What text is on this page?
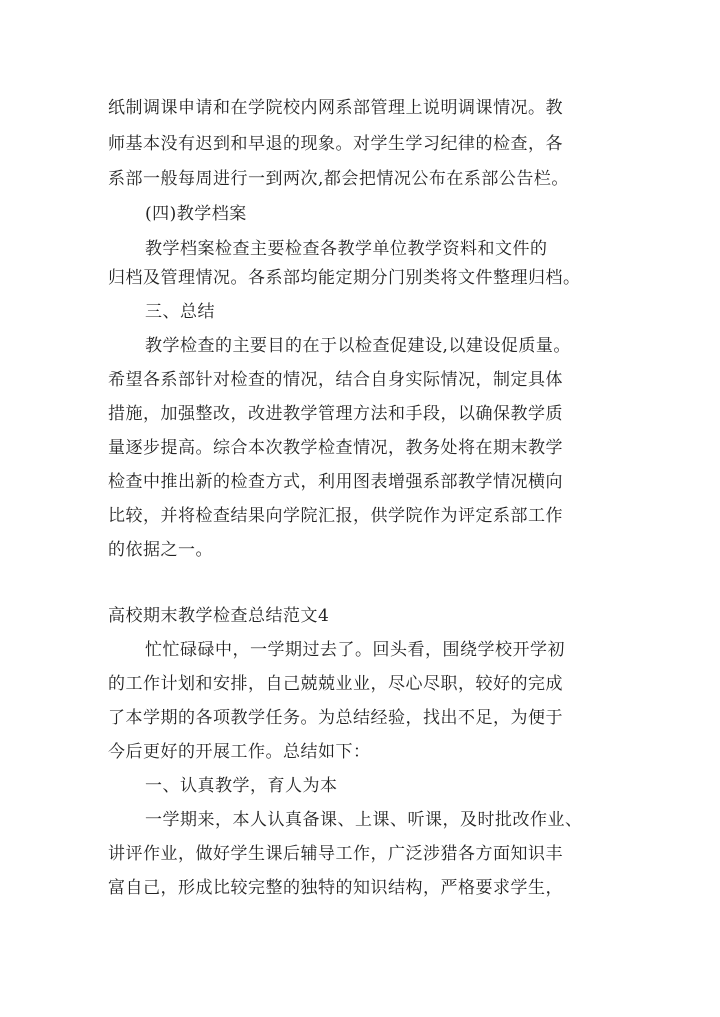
纸制调课申请和在学院校内网系部管理上说明调课情况。教
师基本没有迟到和早退的现象。对学生学习纪律的检查，各
系部一般每周进行一到两次,都会把情况公布在系部公告栏。
(四)教学档案
教学档案检查主要检查各教学单位教学资料和文件的
归档及管理情况。各系部均能定期分门别类将文件整理归档。
三、总结
教学检查的主要目的在于以检查促建设,以建设促质量。
希望各系部针对检查的情况，结合自身实际情况，制定具体
措施，加强整改，改进教学管理方法和手段，以确保教学质
量逐步提高。综合本次教学检查情况，教务处将在期末教学
检查中推出新的检查方式，利用图表增强系部教学情况横向
比较，并将检查结果向学院汇报，供学院作为评定系部工作
的依据之一。
高校期末教学检查总结范文4
忙忙碌碌中，一学期过去了。回头看，围绕学校开学初
的工作计划和安排，自己兢兢业业，尽心尽职，较好的完成
了本学期的各项教学任务。为总结经验，找出不足，为便于
今后更好的开展工作。总结如下：
一、认真教学，育人为本
一学期来，本人认真备课、上课、听课，及时批改作业、
讲评作业，做好学生课后辅导工作，广泛涉猎各方面知识丰
富自己，形成比较完整的独特的知识结构，严格要求学生，
